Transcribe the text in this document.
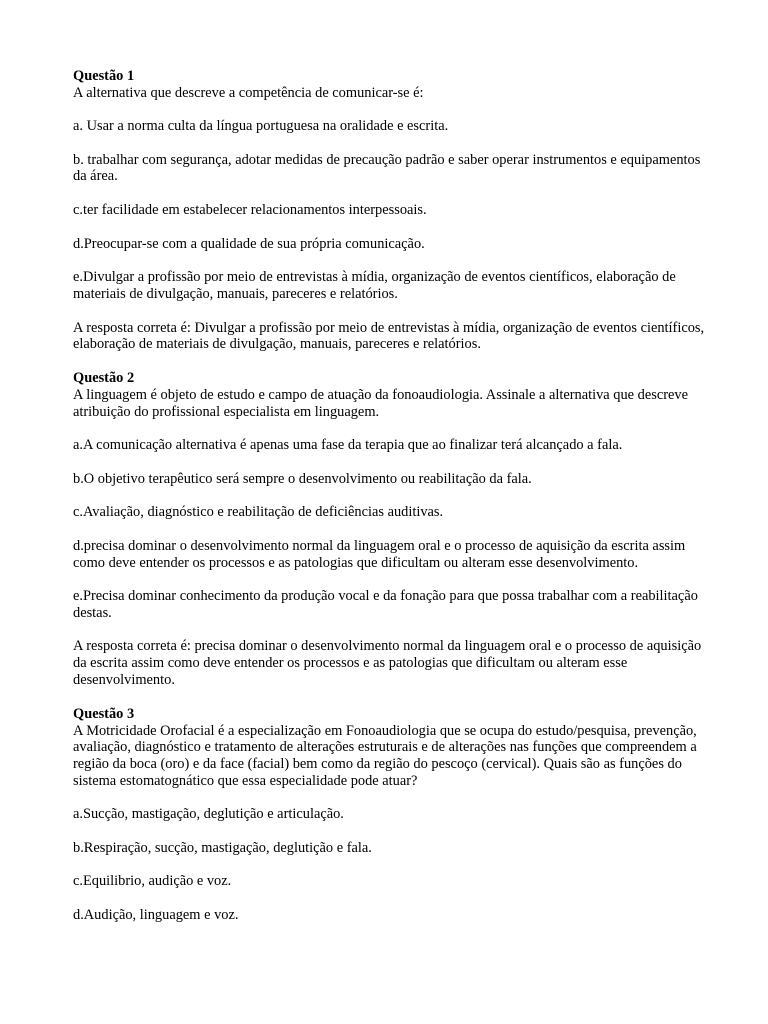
Questão 1
A alternativa que descreve a competência de comunicar-se é:

a. Usar a norma culta da língua portuguesa na oralidade e escrita.

b. trabalhar com segurança, adotar medidas de precaução padrão e saber operar instrumentos e equipamentos da área.

c.ter facilidade em estabelecer relacionamentos interpessoais.

d.Preocupar-se com a qualidade de sua própria comunicação.

e.Divulgar a profissão por meio de entrevistas à mídia, organização de eventos científicos, elaboração de materiais de divulgação, manuais, pareceres e relatórios.

A resposta correta é: Divulgar a profissão por meio de entrevistas à mídia, organização de eventos científicos, elaboração de materiais de divulgação, manuais, pareceres e relatórios.

Questão 2
A linguagem é objeto de estudo e campo de atuação da fonoaudiologia. Assinale a alternativa que descreve atribuição do profissional especialista em linguagem.

a.A comunicação alternativa é apenas uma fase da terapia que ao finalizar terá alcançado a fala.

b.O objetivo terapêutico será sempre o desenvolvimento ou reabilitação da fala.

c.Avaliação, diagnóstico e reabilitação de deficiências auditivas.

d.precisa dominar o desenvolvimento normal da linguagem oral e o processo de aquisição da escrita assim como deve entender os processos e as patologias que dificultam ou alteram esse desenvolvimento.

e.Precisa dominar conhecimento da produção vocal e da fonação para que possa trabalhar com a reabilitação destas.

A resposta correta é: precisa dominar o desenvolvimento normal da linguagem oral e o processo de aquisição da escrita assim como deve entender os processos e as patologias que dificultam ou alteram esse desenvolvimento.

Questão 3
A Motricidade Orofacial é a especialização em Fonoaudiologia que se ocupa do estudo/pesquisa, prevenção, avaliação, diagnóstico e tratamento de alterações estruturais e de alterações nas funções que compreendem a região da boca (oro) e da face (facial) bem como da região do pescoço (cervical). Quais são as funções do sistema estomatognático que essa especialidade pode atuar?

a.Sucção, mastigação, deglutição e articulação.

b.Respiração, sucção, mastigação, deglutição e fala.

c.Equilibrio, audição e voz.

d.Audição, linguagem e voz.
